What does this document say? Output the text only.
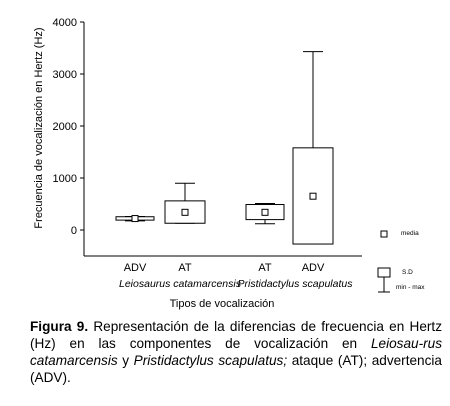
0
1000
2000
3000
4000
ADV	AT	AT	ADV
Leiosaurus catamarcensis
Pristidactylus scapulatus
media
S.D
min - max
Frecuencia de vocalización en Hertz (Hz)
Tipos de vocalización
Figura 9. Representación de la diferencias de frecuencia en Hertz (Hz) en las componentes de vocalización en Leiosau-rus catamarcensis y Pristidactylus scapulatus; ataque (AT); advertencia (ADV).
